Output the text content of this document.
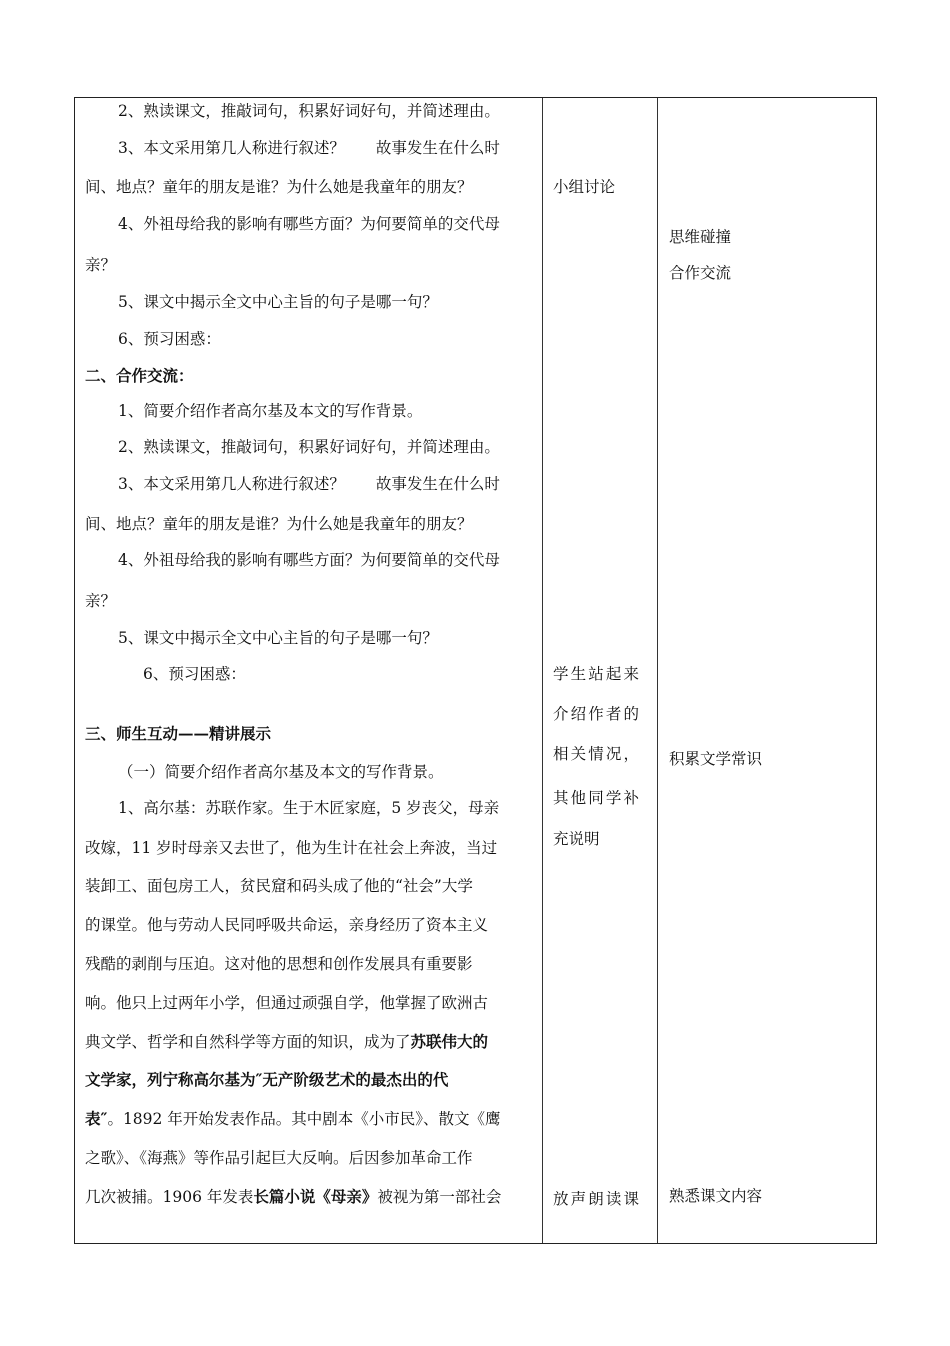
2、熟读课文，推敲词句，积累好词好句，并简述理由。
3、本文采用第几人称进行叙述？　　故事发生在什么时
间、地点？童年的朋友是谁？为什么她是我童年的朋友？
4、外祖母给我的影响有哪些方面？为何要简单的交代母
亲？
5、课文中揭示全文中心主旨的句子是哪一句？
6、预习困惑：
二、合作交流：
1、简要介绍作者高尔基及本文的写作背景。
2、熟读课文，推敲词句，积累好词好句，并简述理由。
3、本文采用第几人称进行叙述？　　故事发生在什么时
间、地点？童年的朋友是谁？为什么她是我童年的朋友？
4、外祖母给我的影响有哪些方面？为何要简单的交代母
亲？
5、课文中揭示全文中心主旨的句子是哪一句？
6、预习困惑：
三、师生互动——精讲展示
（一）简要介绍作者高尔基及本文的写作背景。
1、高尔基：苏联作家。生于木匠家庭，5 岁丧父，母亲
改嫁，11 岁时母亲又去世了，他为生计在社会上奔波，当过
装卸工、面包房工人，贫民窟和码头成了他的“社会”大学
的课堂。他与劳动人民同呼吸共命运，亲身经历了资本主义
残酷的剥削与压迫。这对他的思想和创作发展具有重要影
响。他只上过两年小学，但通过顽强自学，他掌握了欧洲古
典文学、哲学和自然科学等方面的知识，成为了苏联伟大的
文学家，列宁称高尔基为″无产阶级艺术的最杰出的代
表″。1892 年开始发表作品。其中剧本《小市民》、散文《鹰
之歌》、《海燕》等作品引起巨大反响。后因参加革命工作
几次被捕。1906 年发表长篇小说《母亲》被视为第一部社会
小组讨论
学 生 站 起 来
介 绍 作 者 的
相 关 情 况 ，
其 他 同 学 补
充说明
放 声 朗 读 课
思维碰撞
合作交流
积累文学常识
熟悉课文内容
